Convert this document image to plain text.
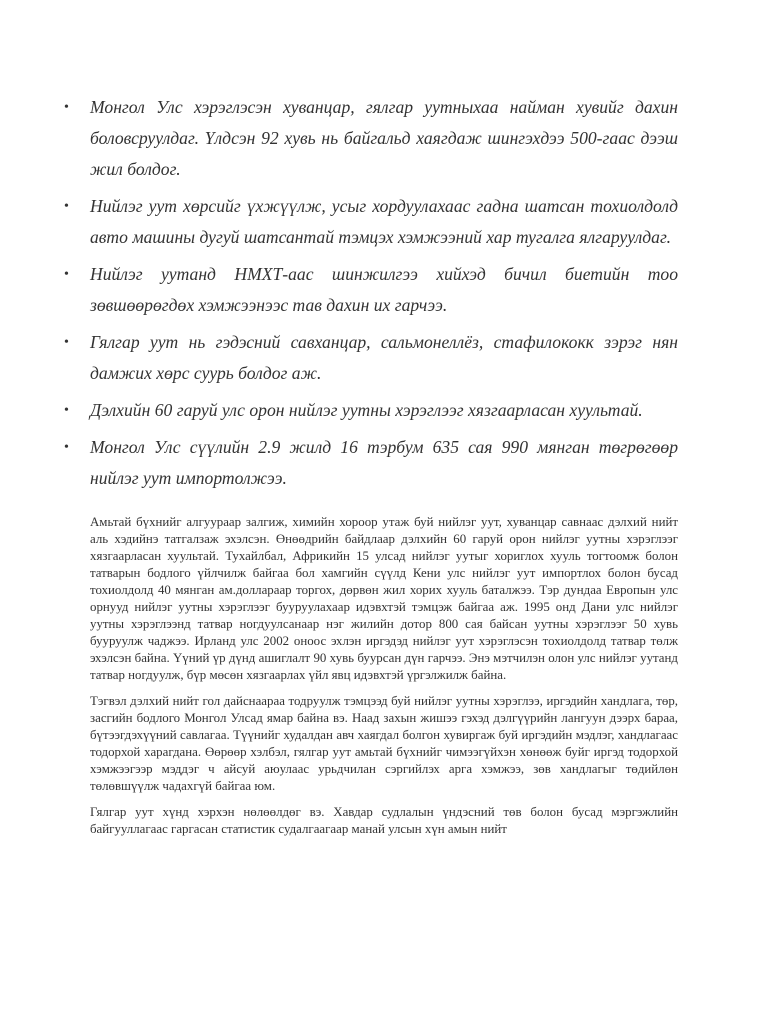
• Монгол Улс хэрэглэсэн хуванцар, гялгар уутныхаа найман хувийг дахин боловсруулдаг. Үлдсэн 92 хувь нь байгальд хаягдаж шингэхдээ 500-гаас дээш жил болдог.
• Нийлэг уут хөрсийг үхжүүлж, усыг хордуулахаас гадна шатсан тохиолдолд авто машины дугуй шатсантай тэмцэх хэмжээний хар тугалга ялгаруулдаг.
• Нийлэг уутанд НМХТ-аас шинжилгээ хийхэд бичил биетийн тоо зөвшөөрөгдөх хэмжээнээс тав дахин их гарчээ.
• Гялгар уут нь гэдэсний савханцар, сальмонеллёз, стафилококк зэрэг нян дамжих хөрс суурь болдог аж.
• Дэлхийн 60 гаруй улс орон нийлэг уутны хэрэглээг хязгаарласан хуультай.
• Монгол Улс сүүлийн 2.9 жилд 16 тэрбум 635 сая 990 мянган төгрөгөөр нийлэг уут импортолжээ.

Амьтай бүхнийг алгуураар залгиж, химийн хороор утаж буй нийлэг уут, хуванцар савнаас дэлхий нийт аль хэдийнэ татгалзаж эхэлсэн. Өнөөдрийн байдлаар дэлхийн 60 гаруй орон нийлэг уутны хэрэглээг хязгаарласан хуультай. Тухайлбал, Африкийн 15 улсад нийлэг уутыг хориглох хууль тогтоомж болон татварын бодлого үйлчилж байгаа бол хамгийн сүүлд Кени улс нийлэг уут импортлох болон бусад тохиолдолд 40 мянган ам.доллараар торгох, дөрвөн жил хорих хууль баталжээ. Тэр дундаа Европын улс орнууд нийлэг уутны хэрэглээг бууруулахаар идэвхтэй тэмцэж байгаа аж. 1995 онд Дани улс нийлэг уутны хэрэглээнд татвар ногдуулсанаар нэг жилийн дотор 800 сая байсан уутны хэрэглээг 50 хувь бууруулж чаджээ. Ирланд улс 2002 оноос эхлэн иргэдэд нийлэг уут хэрэглэсэн тохиолдолд татвар төлж эхэлсэн байна. Үүний үр дүнд ашиглалт 90 хувь буурсан дүн гарчээ. Энэ мэтчилэн олон улс нийлэг уутанд татвар ногдуулж, бүр мөсөн хязгаарлах үйл явц идэвхтэй үргэлжилж байна.

Тэгвэл дэлхий нийт гол дайснаараа тодруулж тэмцээд буй нийлэг уутны хэрэглээ, иргэдийн хандлага, төр, засгийн бодлого Монгол Улсад ямар байна вэ. Наад захын жишээ гэхэд дэлгүүрийн лангуун дээрх бараа, бүтээгдэхүүний савлагаа. Түүнийг худалдан авч хаягдал болгон хувиргаж буй иргэдийн мэдлэг, хандлагаас тодорхой харагдана. Өөрөөр хэлбэл, гялгар уут амьтай бүхнийг чимээгүйхэн хөнөөж буйг иргэд тодорхой хэмжээгээр мэддэг ч айсуй аюулаас урьдчилан сэргийлэх арга хэмжээ, зөв хандлагыг төдийлөн төлөвшүүлж чадахгүй байгаа юм.

Гялгар уут хүнд хэрхэн нөлөөлдөг вэ. Хавдар судлалын үндэсний төв болон бусад мэргэжлийн байгууллагаас гаргасан статистик судалгаагаар манай улсын хүн амын нийт
